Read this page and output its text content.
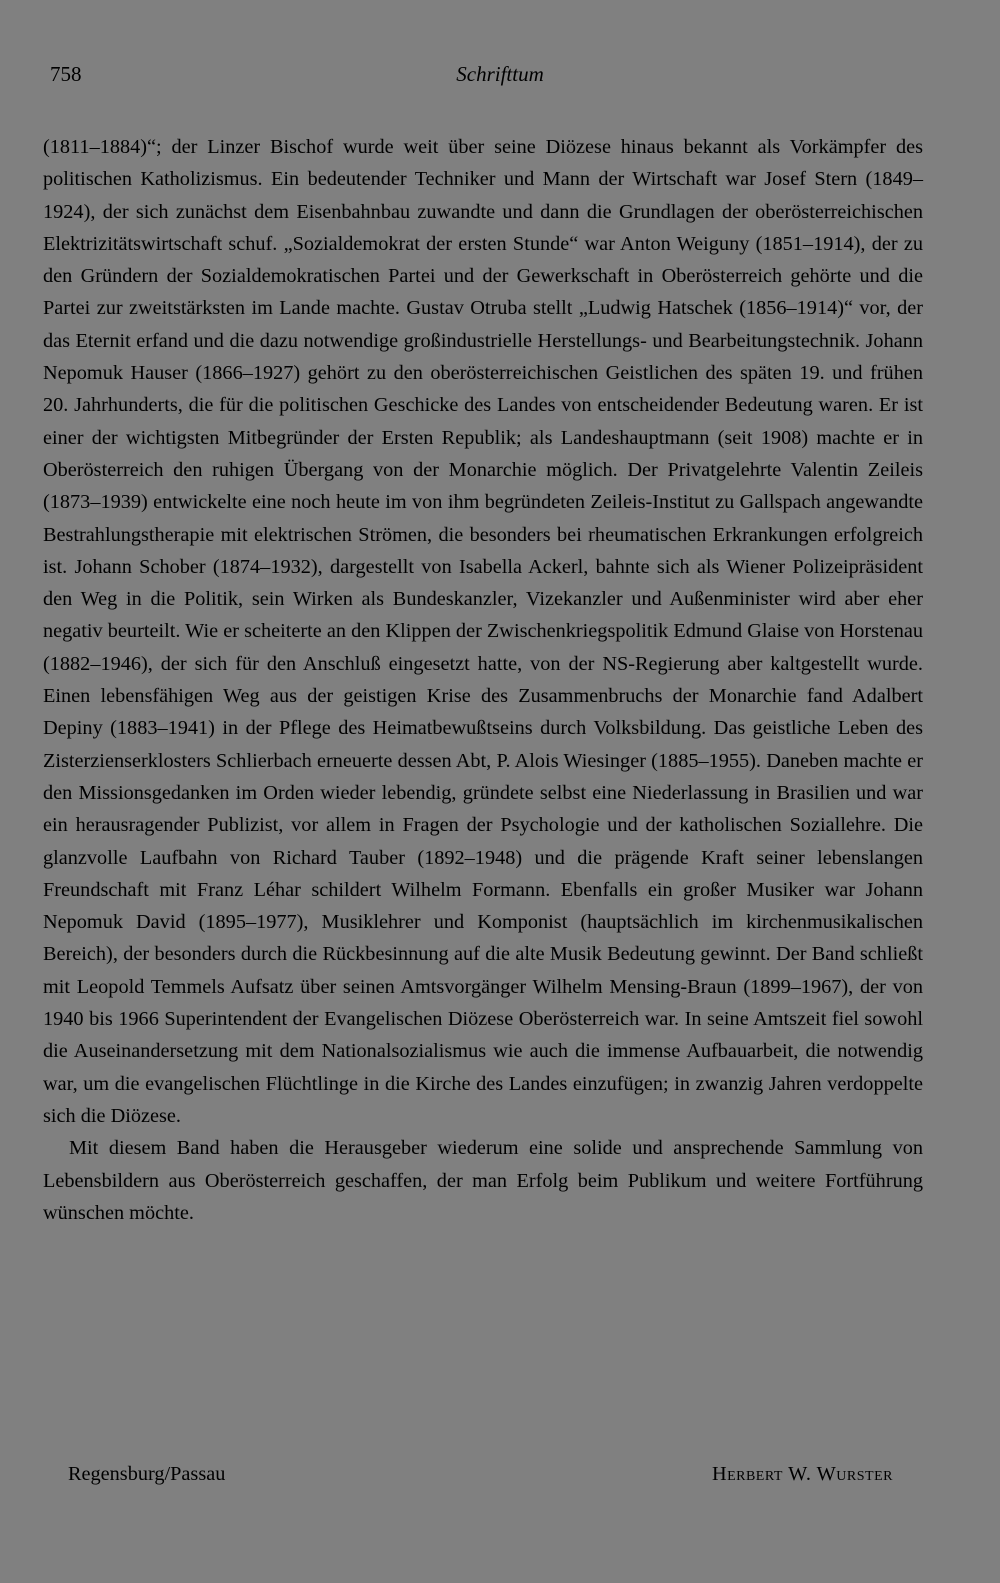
758	Schrifttum

(1811–1884)“; der Linzer Bischof wurde weit über seine Diözese hinaus bekannt als Vorkämpfer des politischen Katholizismus. Ein bedeutender Techniker und Mann der Wirtschaft war Josef Stern (1849–1924), der sich zunächst dem Eisenbahnbau zuwandte und dann die Grundlagen der oberösterreichischen Elektrizitätswirtschaft schuf. „Sozialdemokrat der ersten Stunde“ war Anton Weiguny (1851–1914), der zu den Gründern der Sozialdemokratischen Partei und der Gewerkschaft in Oberösterreich gehörte und die Partei zur zweitstärksten im Lande machte. Gustav Otruba stellt „Ludwig Hatschek (1856–1914)“ vor, der das Eternit erfand und die dazu notwendige großindustrielle Herstellungs- und Bearbeitungstechnik. Johann Nepomuk Hauser (1866–1927) gehört zu den oberösterreichischen Geistlichen des späten 19. und frühen 20. Jahrhunderts, die für die politischen Geschicke des Landes von entscheidender Bedeutung waren. Er ist einer der wichtigsten Mitbegründer der Ersten Republik; als Landeshauptmann (seit 1908) machte er in Oberösterreich den ruhigen Übergang von der Monarchie möglich. Der Privatgelehrte Valentin Zeileis (1873–1939) entwickelte eine noch heute im von ihm begründeten Zeileis-Institut zu Gallspach angewandte Bestrahlungstherapie mit elektrischen Strömen, die besonders bei rheumatischen Erkrankungen erfolgreich ist. Johann Schober (1874–1932), dargestellt von Isabella Ackerl, bahnte sich als Wiener Polizeipräsident den Weg in die Politik, sein Wirken als Bundeskanzler, Vizekanzler und Außenminister wird aber eher negativ beurteilt. Wie er scheiterte an den Klippen der Zwischenkriegspolitik Edmund Glaise von Horstenau (1882–1946), der sich für den Anschluß eingesetzt hatte, von der NS-Regierung aber kaltgestellt wurde. Einen lebensfähigen Weg aus der geistigen Krise des Zusammenbruchs der Monarchie fand Adalbert Depiny (1883–1941) in der Pflege des Heimatbewußtseins durch Volksbildung. Das geistliche Leben des Zisterzienserklosters Schlierbach erneuerte dessen Abt, P. Alois Wiesinger (1885–1955). Daneben machte er den Missionsgedanken im Orden wieder lebendig, gründete selbst eine Niederlassung in Brasilien und war ein herausragender Publizist, vor allem in Fragen der Psychologie und der katholischen Soziallehre. Die glanzvolle Laufbahn von Richard Tauber (1892–1948) und die prägende Kraft seiner lebenslangen Freundschaft mit Franz Léhar schildert Wilhelm Formann. Ebenfalls ein großer Musiker war Johann Nepomuk David (1895–1977), Musiklehrer und Komponist (hauptsächlich im kirchenmusikalischen Bereich), der besonders durch die Rückbesinnung auf die alte Musik Bedeutung gewinnt. Der Band schließt mit Leopold Temmels Aufsatz über seinen Amtsvorgänger Wilhelm Mensing-Braun (1899–1967), der von 1940 bis 1966 Superintendent der Evangelischen Diözese Oberösterreich war. In seine Amtszeit fiel sowohl die Auseinandersetzung mit dem Nationalsozialismus wie auch die immense Aufbauarbeit, die notwendig war, um die evangelischen Flüchtlinge in die Kirche des Landes einzufügen; in zwanzig Jahren verdoppelte sich die Diözese.

Mit diesem Band haben die Herausgeber wiederum eine solide und ansprechende Sammlung von Lebensbildern aus Oberösterreich geschaffen, der man Erfolg beim Publikum und weitere Fortführung wünschen möchte.

Regensburg/Passau	Herbert W. Wurster
